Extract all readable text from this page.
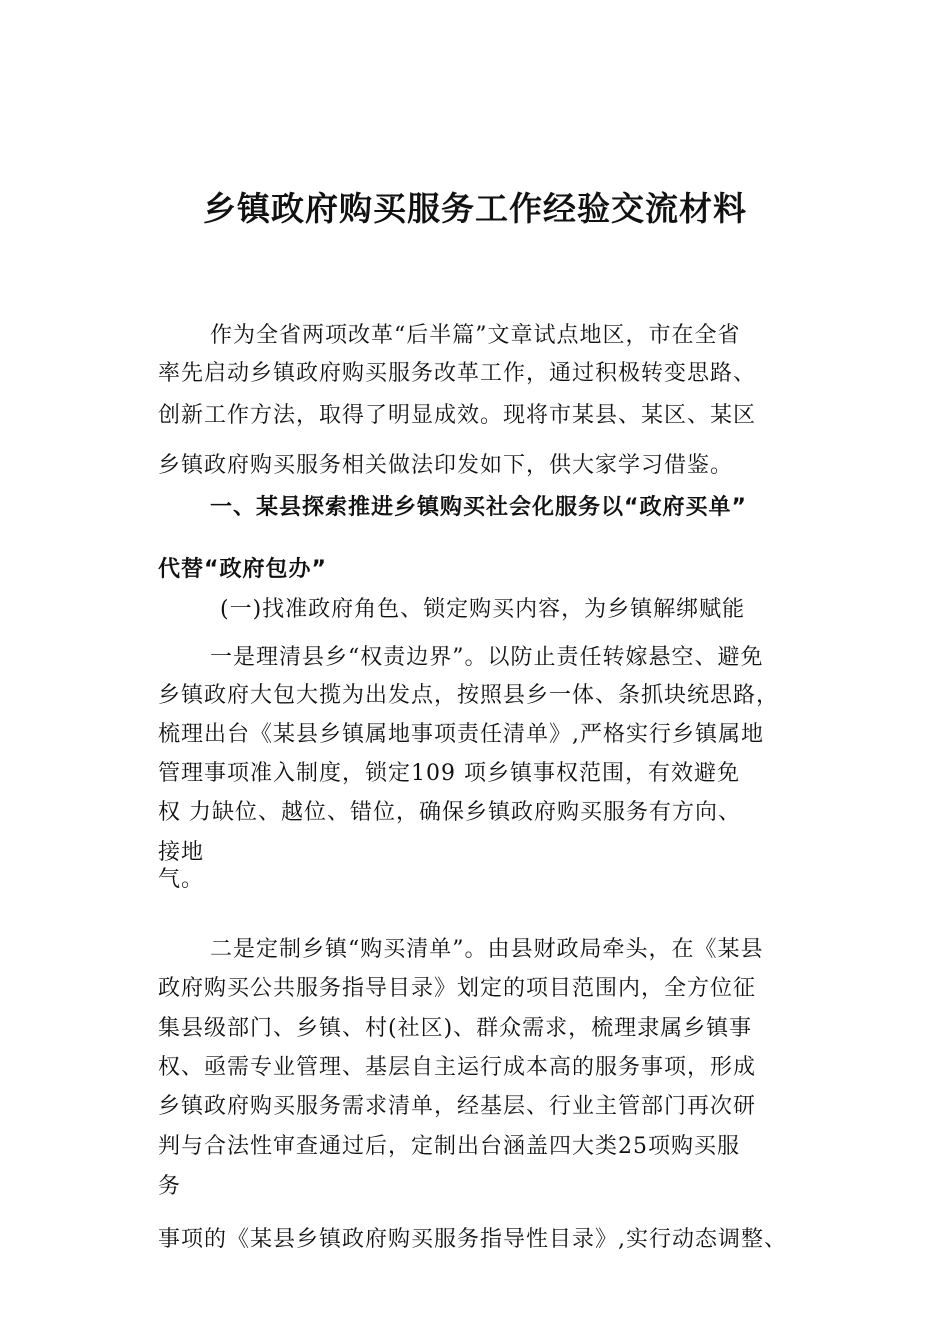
乡镇政府购买服务工作经验交流材料
作为全省两项改革“后半篇”文章试点地区，市在全省
率先启动乡镇政府购买服务改革工作，通过积极转变思路、
创新工作方法，取得了明显成效。现将市某县、某区、某区
乡镇政府购买服务相关做法印发如下，供大家学习借鉴。
一、某县探索推进乡镇购买社会化服务以“政府买单”
代替“政府包办”
(一)找准政府角色、锁定购买内容，为乡镇解绑赋能
一是理清县乡“权责边界”。以防止责任转嫁悬空、避免
乡镇政府大包大揽为出发点，按照县乡一体、条抓块统思路，
梳理出台《某县乡镇属地事项责任清单》,严格实行乡镇属地
管理事项准入制度，锁定109 项乡镇事权范围，有效避免
权 力缺位、越位、错位，确保乡镇政府购买服务有方向、
接地
气。
二是定制乡镇“购买清单”。由县财政局牵头，在《某县
政府购买公共服务指导目录》划定的项目范围内，全方位征
集县级部门、乡镇、村(社区)、群众需求，梳理隶属乡镇事
权、亟需专业管理、基层自主运行成本高的服务事项，形成
乡镇政府购买服务需求清单，经基层、行业主管部门再次研
判与合法性审查通过后，定制出台涵盖四大类25项购买服
务
事项的《某县乡镇政府购买服务指导性目录》,实行动态调整、
